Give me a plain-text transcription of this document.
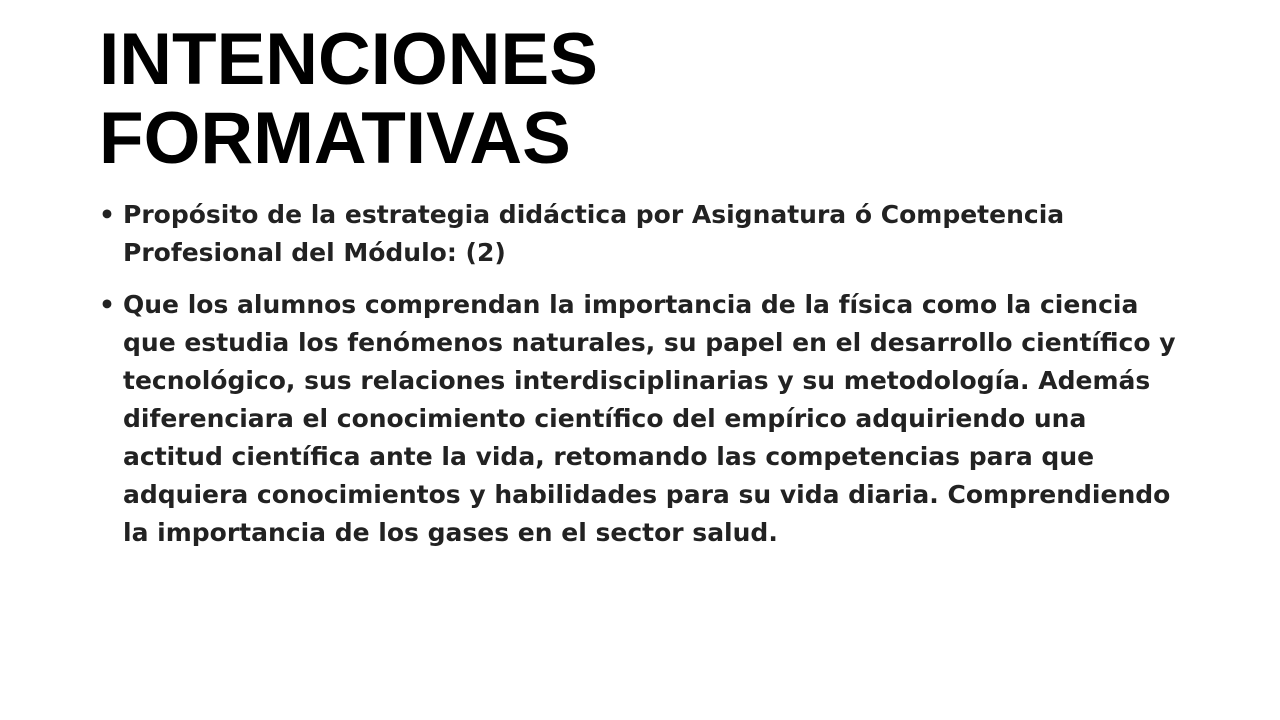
INTENCIONES
FORMATIVAS
• Propósito de la estrategia didáctica por Asignatura ó Competencia Profesional del Módulo: (2)
• Que los alumnos comprendan la importancia de la física como la ciencia que estudia los fenómenos naturales, su papel en el desarrollo científico y tecnológico, sus relaciones interdisciplinarias y su metodología. Además diferenciara el conocimiento científico del empírico adquiriendo una actitud científica ante la vida, retomando las competencias para que adquiera conocimientos y habilidades para su vida diaria. Comprendiendo la importancia de los gases en el sector salud.
